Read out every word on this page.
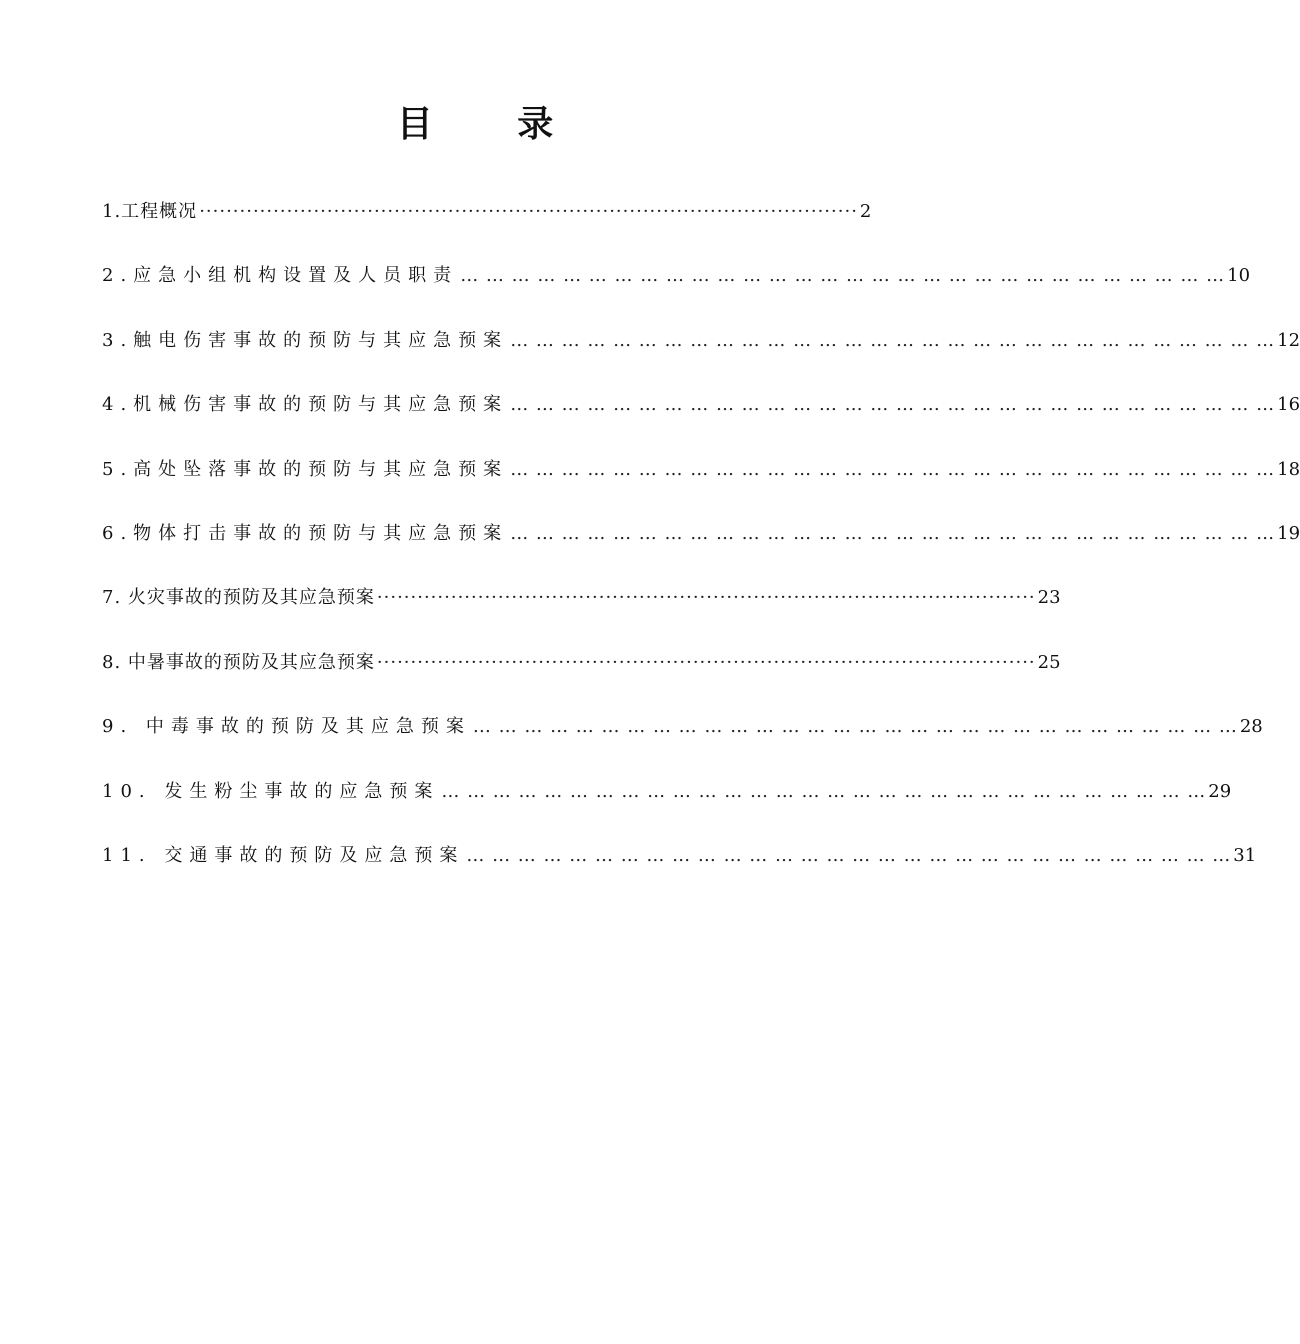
目 录
1.工程概况 ·································································································· 2
2.应急小组机构设置及人员职责 … … … … … … … … … … … … … … … … … … … … … … … … … … … … … … 10
3.触电伤害事故的预防与其应急预案 … … … … … … … … … … … … … … … … … … … … … … … … … … … … … … 12
4.机械伤害事故的预防与其应急预案 … … … … … … … … … … … … … … … … … … … … … … … … … … … … … … 16
5.高处坠落事故的预防与其应急预案 … … … … … … … … … … … … … … … … … … … … … … … … … … … … … … 18
6.物体打击事故的预防与其应急预案 … … … … … … … … … … … … … … … … … … … … … … … … … … … … … … 19
7. 火灾事故的预防及其应急预案 ·································································································· 23
8. 中暑事故的预防及其应急预案 ·································································································· 25
9. 中毒事故的预防及其应急预案 … … … … … … … … … … … … … … … … … … … … … … … … … … … … … … 28
10. 发生粉尘事故的应急预案 … … … … … … … … … … … … … … … … … … … … … … … … … … … … … … 29
11. 交通事故的预防及应急预案 … … … … … … … … … … … … … … … … … … … … … … … … … … … … … … 31
